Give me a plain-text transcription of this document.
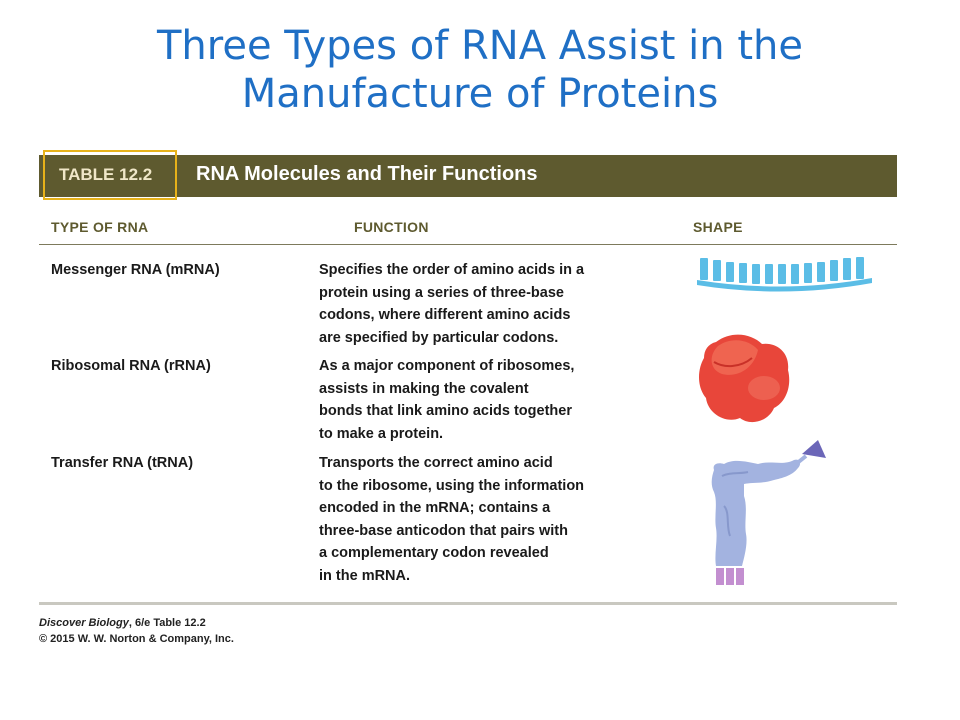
Three Types of RNA Assist in the
Manufacture of Proteins
TABLE 12.2	RNA Molecules and Their Functions
TYPE OF RNA	FUNCTION	SHAPE
Messenger RNA (mRNA)	Specifies the order of amino acids in a
protein using a series of three-base
codons, where different amino acids
are specified by particular codons.
Ribosomal RNA (rRNA)	As a major component of ribosomes,
assists in making the covalent
bonds that link amino acids together
to make a protein.
Transfer RNA (tRNA)	Transports the correct amino acid
to the ribosome, using the information
encoded in the mRNA; contains a
three-base anticodon that pairs with
a complementary codon revealed
in the mRNA.
Discover Biology, 6/e Table 12.2
© 2015 W. W. Norton & Company, Inc.
